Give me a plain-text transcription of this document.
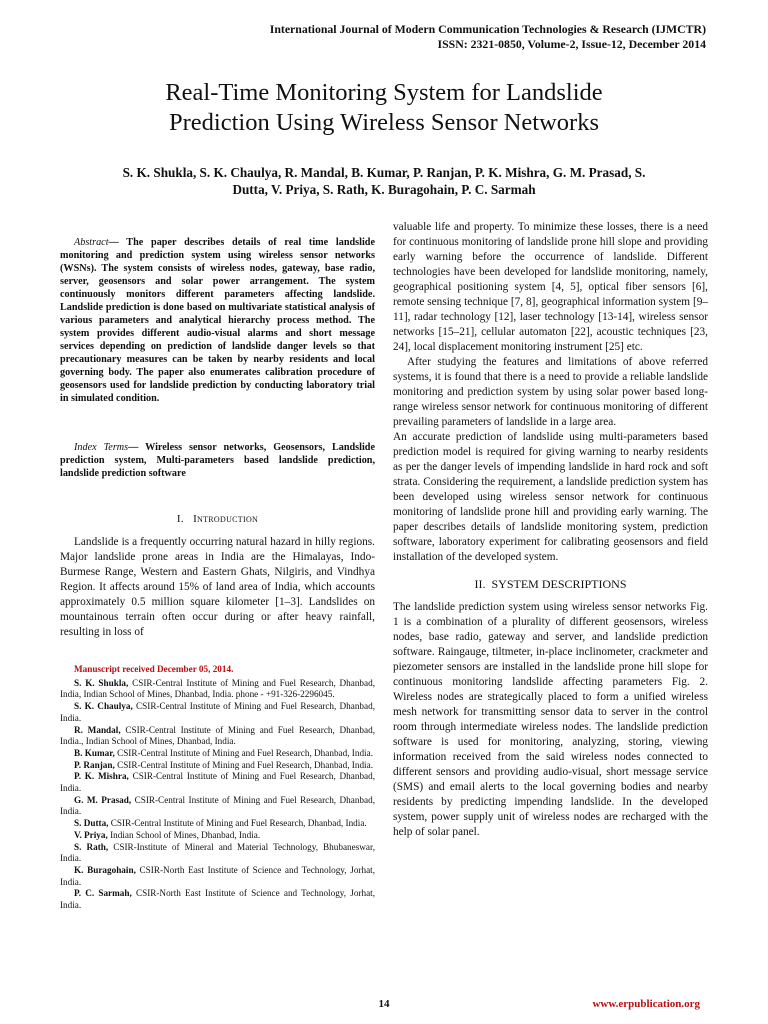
International Journal of Modern Communication Technologies & Research (IJMCTR)
ISSN: 2321-0850, Volume-2, Issue-12, December 2014
Real-Time Monitoring System for Landslide
Prediction Using Wireless Sensor Networks
S. K. Shukla, S. K. Chaulya, R. Mandal, B. Kumar, P. Ranjan, P. K. Mishra, G. M. Prasad, S.
Dutta, V. Priya, S. Rath, K. Buragohain, P. C. Sarmah

Abstract— The paper describes details of real time landslide monitoring and prediction system using wireless sensor networks (WSNs). The system consists of wireless nodes, gateway, base radio, server, geosensors and solar power arrangement. The system continuously monitors different parameters affecting landslide. Landslide prediction is done based on multivariate statistical analysis of various parameters and analytical hierarchy process method. The system provides different audio-visual alarms and short message services depending on prediction of landslide danger levels so that precautionary measures can be taken by nearby residents and local governing body. The paper also enumerates calibration procedure of geosensors used for landslide prediction by conducting laboratory trial in simulated condition.

Index Terms— Wireless sensor networks, Geosensors, Landslide prediction system, Multi-parameters based landslide prediction, landslide prediction software

I. Introduction

Landslide is a frequently occurring natural hazard in hilly regions. Major landslide prone areas in India are the Himalayas, Indo-Burmese Range, Western and Eastern Ghats, Nilgiris, and Vindhya Region. It affects around 15% of land area of India, which accounts approximately 0.5 million square kilometer [1–3]. Landslides on mountainous terrain often occur during or after heavy rainfall, resulting in loss of

Manuscript received December 05, 2014.

S. K. Shukla, CSIR-Central Institute of Mining and Fuel Research, Dhanbad, India, Indian School of Mines, Dhanbad, India. phone - +91-326-2296045.

S. K. Chaulya, CSIR-Central Institute of Mining and Fuel Research, Dhanbad, India.

R. Mandal, CSIR-Central Institute of Mining and Fuel Research, Dhanbad, India., Indian School of Mines, Dhanbad, India.

B. Kumar, CSIR-Central Institute of Mining and Fuel Research, Dhanbad, India.

P. Ranjan, CSIR-Central Institute of Mining and Fuel Research, Dhanbad, India.

P. K. Mishra, CSIR-Central Institute of Mining and Fuel Research, Dhanbad, India.

G. M. Prasad, CSIR-Central Institute of Mining and Fuel Research, Dhanbad, India.

S. Dutta, CSIR-Central Institute of Mining and Fuel Research, Dhanbad, India.

V. Priya, Indian School of Mines, Dhanbad, India.

S. Rath, CSIR-Institute of Mineral and Material Technology, Bhubaneswar, India.

K. Buragohain, CSIR-North East Institute of Science and Technology, Jorhat, India.

P. C. Sarmah, CSIR-North East Institute of Science and Technology, Jorhat, India.

valuable life and property. To minimize these losses, there is a need for continuous monitoring of landslide prone hill slope and providing early warning before the occurrence of landslide. Different technologies have been developed for landslide monitoring, namely, geographical positioning system [4, 5], optical fiber sensors [6], remote sensing technique [7, 8], geographical information system [9–11], radar technology [12], laser technology [13-14], wireless sensor networks [15–21], cellular automaton [22], acoustic techniques [23, 24], local displacement monitoring instrument [25] etc.

After studying the features and limitations of above referred systems, it is found that there is a need to provide a reliable landslide monitoring and prediction system by using solar power based long-range wireless sensor network for continuous monitoring of different prevailing parameters of landslide in a large area.

An accurate prediction of landslide using multi-parameters based prediction model is required for giving warning to nearby residents as per the danger levels of impending landslide in hard rock and soft strata. Considering the requirement, a landslide prediction system has been developed using wireless sensor network for continuous monitoring of landslide prone hill and providing early warning. The paper describes details of landslide monitoring system, prediction software, laboratory experiment for calibrating geosensors and field installation of the developed system.

II. SYSTEM DESCRIPTIONS

The landslide prediction system using wireless sensor networks Fig. 1 is a combination of a plurality of different geosensors, wireless nodes, base radio, gateway and server, and landslide prediction software. Raingauge, tiltmeter, in-place inclinometer, crackmeter and piezometer sensors are installed in the landslide prone hill slope for continuous monitoring landslide affecting parameters Fig. 2. Wireless nodes are strategically placed to form a unified wireless mesh network for transmitting sensor data to server in the control room through intermediate wireless nodes. The landslide prediction software is used for monitoring, analyzing, storing, viewing information received from the said wireless nodes connected to different sensors and providing audio-visual, short message service (SMS) and email alerts to the local governing bodies and nearby residents by predicting impending landslide. In the developed system, power supply unit of wireless nodes are recharged with the help of solar panel.

14	www.erpublication.org
